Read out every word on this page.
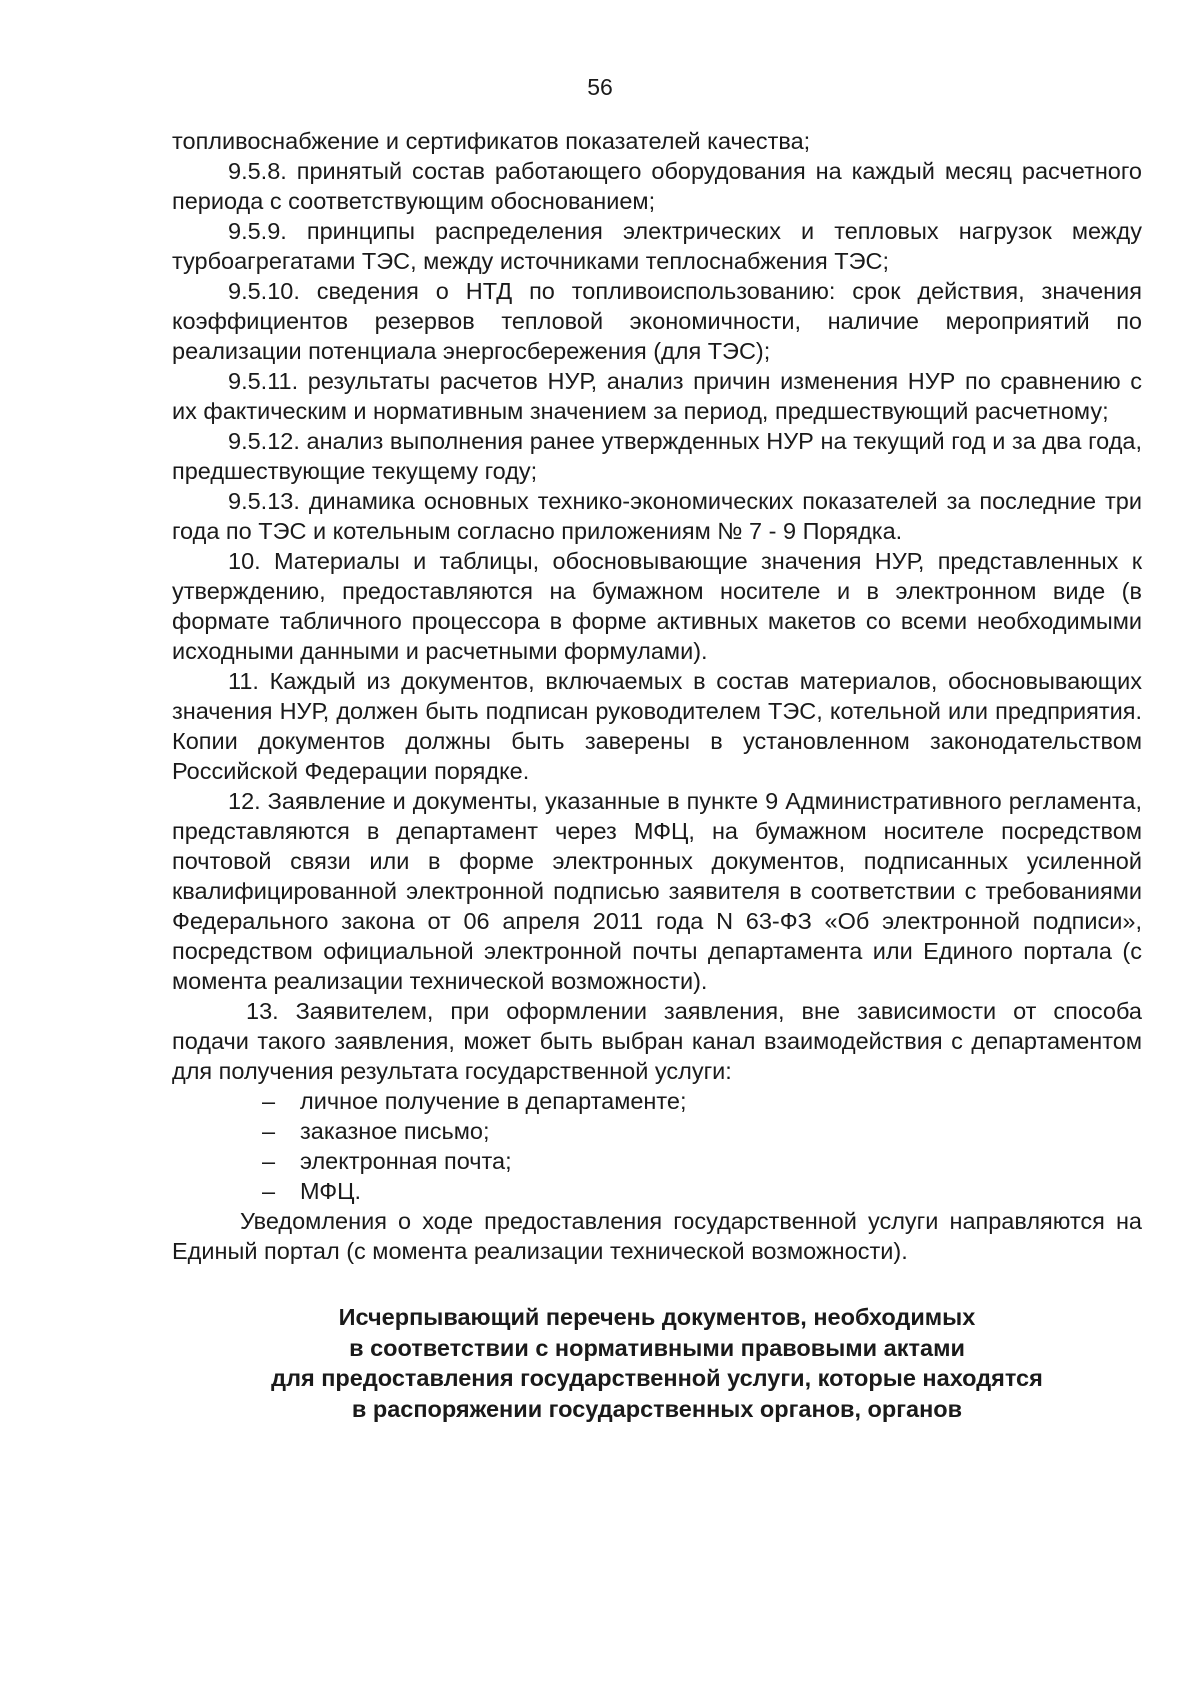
56

топливоснабжение и сертификатов показателей качества;

9.5.8. принятый состав работающего оборудования на каждый месяц расчетного периода с соответствующим обоснованием;

9.5.9. принципы распределения электрических и тепловых нагрузок между турбоагрегатами ТЭС, между источниками теплоснабжения ТЭС;

9.5.10. сведения о НТД по топливоиспользованию: срок действия, значения коэффициентов резервов тепловой экономичности, наличие мероприятий по реализации потенциала энергосбережения (для ТЭС);

9.5.11. результаты расчетов НУР, анализ причин изменения НУР по сравнению с их фактическим и нормативным значением за период, предшествующий расчетному;

9.5.12. анализ выполнения ранее утвержденных НУР на текущий год и за два года, предшествующие текущему году;

9.5.13. динамика основных технико-экономических показателей за последние три года по ТЭС и котельным согласно приложениям № 7 - 9 Порядка.

10. Материалы и таблицы, обосновывающие значения НУР, представленных к утверждению, предоставляются на бумажном носителе и в электронном виде (в формате табличного процессора в форме активных макетов со всеми необходимыми исходными данными и расчетными формулами).

11. Каждый из документов, включаемых в состав материалов, обосновывающих значения НУР, должен быть подписан руководителем ТЭС, котельной или предприятия. Копии документов должны быть заверены в установленном законодательством Российской Федерации порядке.

12. Заявление и документы, указанные в пункте 9 Административного регламента, представляются в департамент через МФЦ, на бумажном носителе посредством почтовой связи или в форме электронных документов, подписанных усиленной квалифицированной электронной подписью заявителя в соответствии с требованиями Федерального закона от 06 апреля 2011 года N 63-ФЗ «Об электронной подписи», посредством официальной электронной почты департамента или Единого портала (с момента реализации технической возможности).

13. Заявителем, при оформлении заявления, вне зависимости от способа подачи такого заявления, может быть выбран канал взаимодействия с департаментом для получения результата государственной услуги:

– личное получение в департаменте;
– заказное письмо;
– электронная почта;
– МФЦ.

Уведомления о ходе предоставления государственной услуги направляются на Единый портал (с момента реализации технической возможности).

Исчерпывающий перечень документов, необходимых
в соответствии с нормативными правовыми актами
для предоставления государственной услуги, которые находятся
в распоряжении государственных органов, органов
